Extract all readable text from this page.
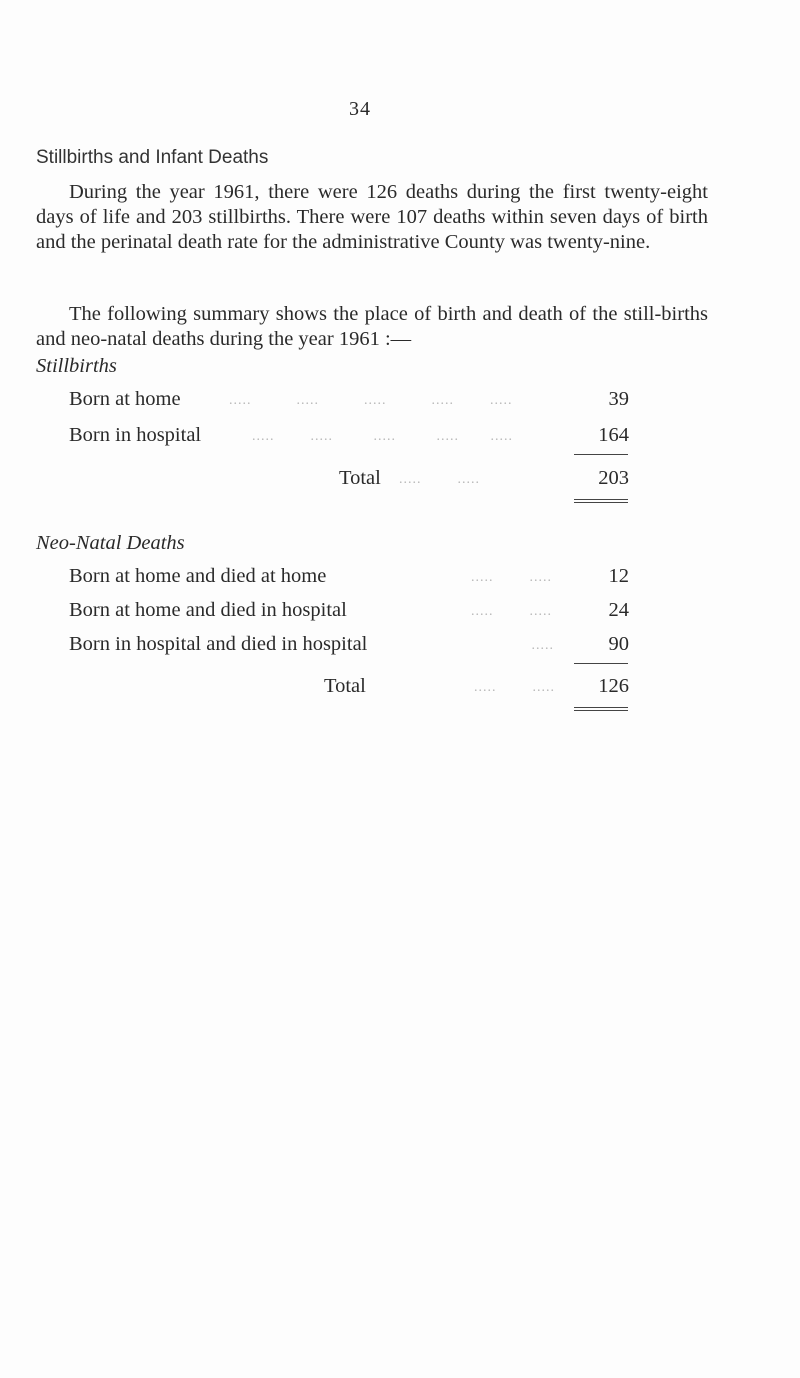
34
Stillbirths and Infant Deaths

During the year 1961, there were 126 deaths during the first twenty-eight days of life and 203 stillbirths. There were 107 deaths within seven days of birth and the perinatal death rate for the administrative County was twenty-nine.

The following summary shows the place of birth and death of the still-births and neo-natal deaths during the year 1961 :—

Stillbirths
Born at home	.....          .....          .....          .....        .....	39
Born in hospital	.....        .....         .....         .....       .....	164
Total .....        .....	203
Neo-Natal Deaths
Born at home and died at home	.....        .....	12
Born at home and died in hospital	.....        .....	24
Born in hospital and died in hospital	.....	90
Total	.....        .....	126
